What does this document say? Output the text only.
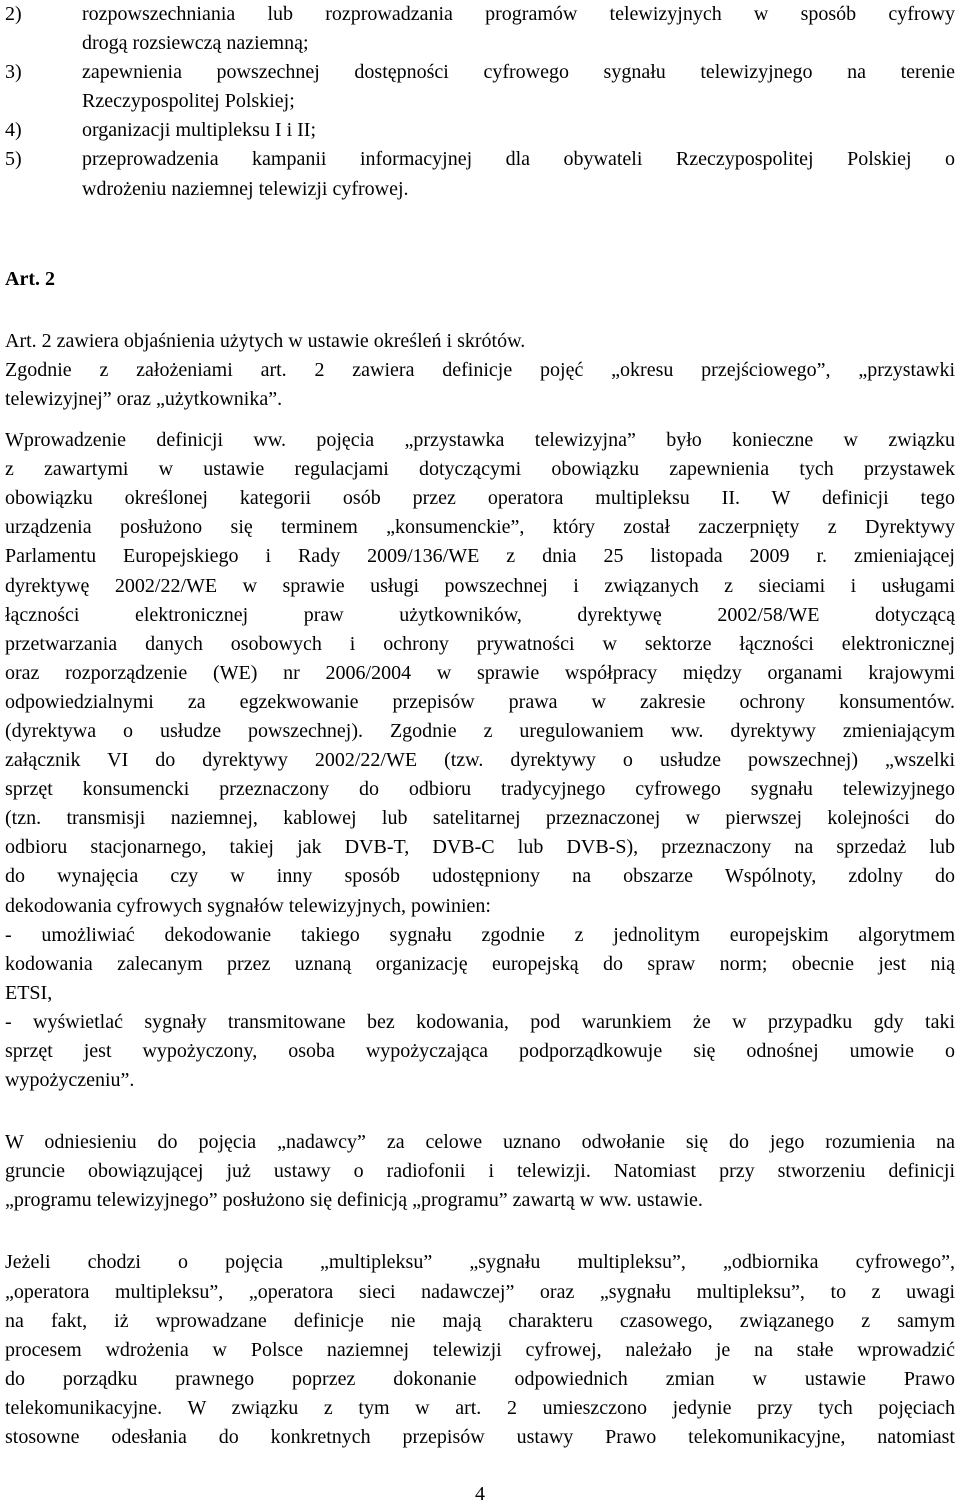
2)	rozpowszechniania lub rozprowadzania programów telewizyjnych w sposób cyfrowy
drogą rozsiewczą naziemną;
3)	zapewnienia powszechnej dostępności cyfrowego sygnału telewizyjnego na terenie
Rzeczypospolitej Polskiej;
4)	organizacji multipleksu I i II;
5)	przeprowadzenia kampanii informacyjnej dla obywateli Rzeczypospolitej Polskiej o
wdrożeniu naziemnej telewizji cyfrowej.
Art. 2
Art. 2 zawiera objaśnienia użytych w ustawie określeń i skrótów.
Zgodnie z założeniami art. 2 zawiera definicje pojęć „okresu przejściowego”, „przystawki
telewizyjnej” oraz „użytkownika”.
Wprowadzenie definicji ww. pojęcia „przystawka telewizyjna” było konieczne w związku
z zawartymi w ustawie regulacjami dotyczącymi obowiązku zapewnienia tych przystawek
obowiązku określonej kategorii osób przez operatora multipleksu II. W definicji tego
urządzenia posłużono się terminem „konsumenckie”, który został zaczerpnięty z Dyrektywy
Parlamentu Europejskiego i Rady 2009/136/WE z dnia 25 listopada 2009 r. zmieniającej
dyrektywę 2002/22/WE w sprawie usługi powszechnej i związanych z sieciami i usługami
łączności elektronicznej praw użytkowników, dyrektywę 2002/58/WE dotyczącą
przetwarzania danych osobowych i ochrony prywatności w sektorze łączności elektronicznej
oraz rozporządzenie (WE) nr 2006/2004 w sprawie współpracy między organami krajowymi
odpowiedzialnymi za egzekwowanie przepisów prawa w zakresie ochrony konsumentów.
(dyrektywa o usłudze powszechnej). Zgodnie z uregulowaniem ww. dyrektywy zmieniającym
załącznik VI do dyrektywy 2002/22/WE (tzw. dyrektywy o usłudze powszechnej) „wszelki
sprzęt konsumencki przeznaczony do odbioru tradycyjnego cyfrowego sygnału telewizyjnego
(tzn. transmisji naziemnej, kablowej lub satelitarnej przeznaczonej w pierwszej kolejności do
odbioru stacjonarnego, takiej jak DVB-T, DVB-C lub DVB-S), przeznaczony na sprzedaż lub
do wynajęcia czy w inny sposób udostępniony na obszarze Wspólnoty, zdolny do
dekodowania cyfrowych sygnałów telewizyjnych, powinien:
- umożliwiać dekodowanie takiego sygnału zgodnie z jednolitym europejskim algorytmem
kodowania zalecanym przez uznaną organizację europejską do spraw norm; obecnie jest nią
ETSI,
- wyświetlać sygnały transmitowane bez kodowania, pod warunkiem że w przypadku gdy taki
sprzęt jest wypożyczony, osoba wypożyczająca podporządkowuje się odnośnej umowie o
wypożyczeniu”.
W odniesieniu do pojęcia „nadawcy” za celowe uznano odwołanie się do jego rozumienia na
gruncie obowiązującej już ustawy o radiofonii i telewizji. Natomiast przy stworzeniu definicji
„programu telewizyjnego” posłużono się definicją „programu” zawartą w ww. ustawie.
Jeżeli chodzi o pojęcia „multipleksu” „sygnału multipleksu”, „odbiornika cyfrowego”,
„operatora multipleksu”, „operatora sieci nadawczej” oraz „sygnału multipleksu”, to z uwagi
na fakt, iż wprowadzane definicje nie mają charakteru czasowego, związanego z samym
procesem wdrożenia w Polsce naziemnej telewizji cyfrowej, należało je na stałe wprowadzić
do porządku prawnego poprzez dokonanie odpowiednich zmian w ustawie Prawo
telekomunikacyjne. W związku z tym w art. 2 umieszczono jedynie przy tych pojęciach
stosowne odesłania do konkretnych przepisów ustawy Prawo telekomunikacyjne, natomiast
4
